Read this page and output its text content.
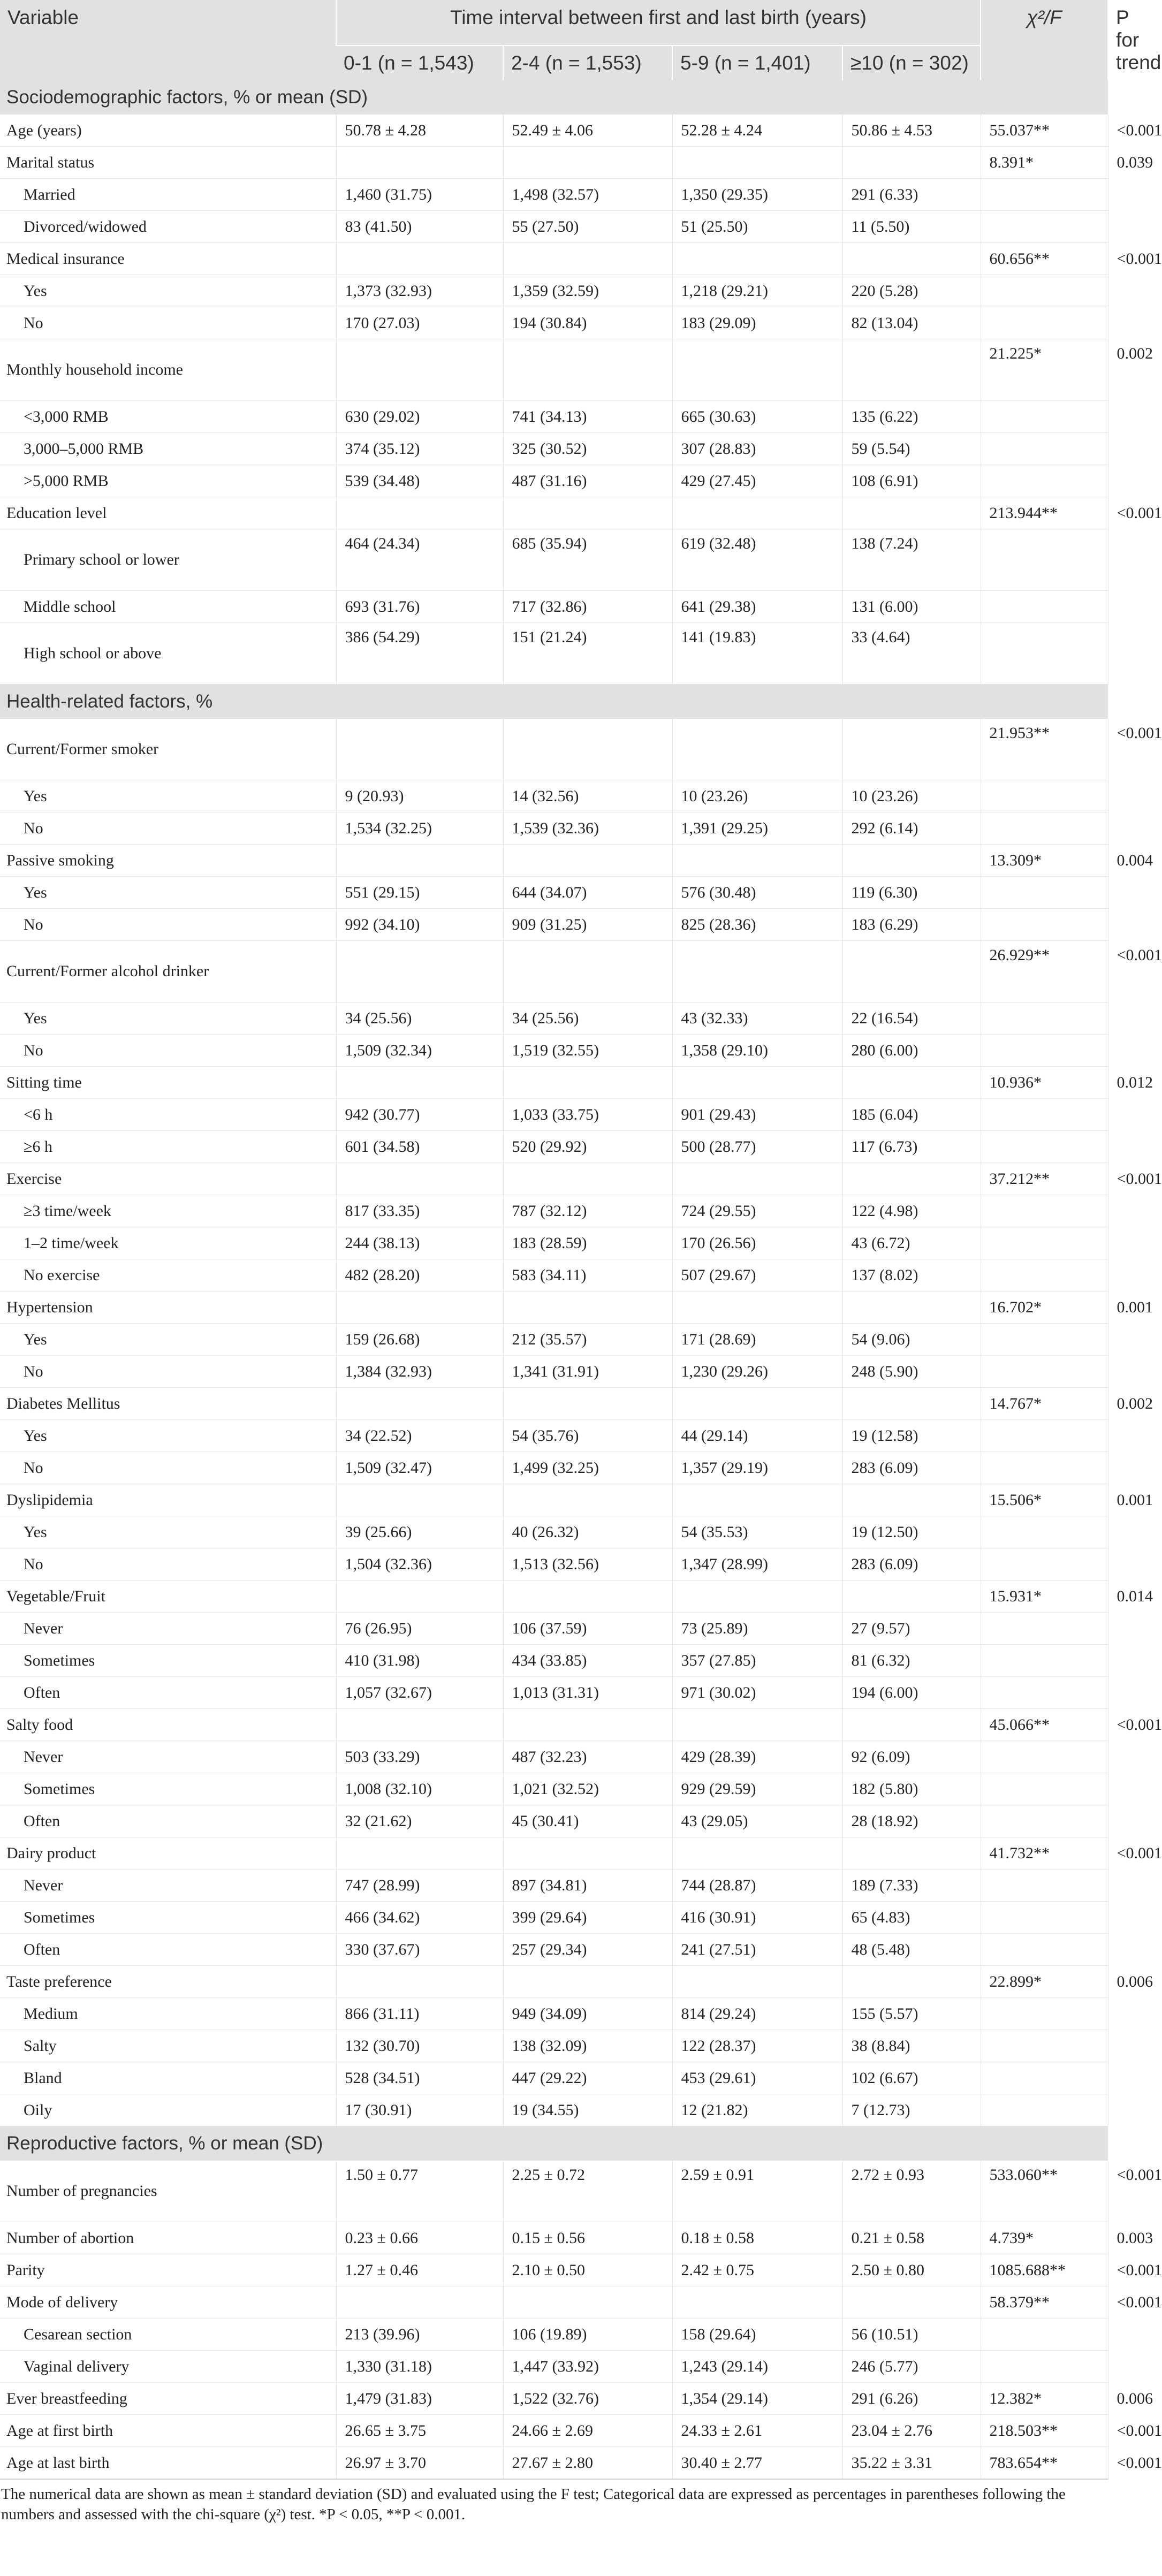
Variable	Time interval between first and last birth (years)				χ²/F	P for trend
	0-1 (n = 1,543)	2-4 (n = 1,553)	5-9 (n = 1,401)	≥10 (n = 302)		
Sociodemographic factors, % or mean (SD)						
Age (years)	50.78 ± 4.28	52.49 ± 4.06	52.28 ± 4.24	50.86 ± 4.53	55.037**	<0.001
Marital status					8.391*	0.039
Married	1,460 (31.75)	1,498 (32.57)	1,350 (29.35)	291 (6.33)		
Divorced/widowed	83 (41.50)	55 (27.50)	51 (25.50)	11 (5.50)		
Medical insurance					60.656**	<0.001
Yes	1,373 (32.93)	1,359 (32.59)	1,218 (29.21)	220 (5.28)		
No	170 (27.03)	194 (30.84)	183 (29.09)	82 (13.04)		
Monthly household income					21.225*	0.002
<3,000 RMB	630 (29.02)	741 (34.13)	665 (30.63)	135 (6.22)		
3,000–5,000 RMB	374 (35.12)	325 (30.52)	307 (28.83)	59 (5.54)		
>5,000 RMB	539 (34.48)	487 (31.16)	429 (27.45)	108 (6.91)		
Education level					213.944**	<0.001
Primary school or lower	464 (24.34)	685 (35.94)	619 (32.48)	138 (7.24)		
Middle school	693 (31.76)	717 (32.86)	641 (29.38)	131 (6.00)		
High school or above	386 (54.29)	151 (21.24)	141 (19.83)	33 (4.64)		
Health-related factors, %						
Current/Former smoker					21.953**	<0.001
Yes	9 (20.93)	14 (32.56)	10 (23.26)	10 (23.26)		
No	1,534 (32.25)	1,539 (32.36)	1,391 (29.25)	292 (6.14)		
Passive smoking					13.309*	0.004
Yes	551 (29.15)	644 (34.07)	576 (30.48)	119 (6.30)		
No	992 (34.10)	909 (31.25)	825 (28.36)	183 (6.29)		
Current/Former alcohol drinker					26.929**	<0.001
Yes	34 (25.56)	34 (25.56)	43 (32.33)	22 (16.54)		
No	1,509 (32.34)	1,519 (32.55)	1,358 (29.10)	280 (6.00)		
Sitting time					10.936*	0.012
<6 h	942 (30.77)	1,033 (33.75)	901 (29.43)	185 (6.04)		
≥6 h	601 (34.58)	520 (29.92)	500 (28.77)	117 (6.73)		
Exercise					37.212**	<0.001
≥3 time/week	817 (33.35)	787 (32.12)	724 (29.55)	122 (4.98)		
1–2 time/week	244 (38.13)	183 (28.59)	170 (26.56)	43 (6.72)		
No exercise	482 (28.20)	583 (34.11)	507 (29.67)	137 (8.02)		
Hypertension					16.702*	0.001
Yes	159 (26.68)	212 (35.57)	171 (28.69)	54 (9.06)		
No	1,384 (32.93)	1,341 (31.91)	1,230 (29.26)	248 (5.90)		
Diabetes Mellitus					14.767*	0.002
Yes	34 (22.52)	54 (35.76)	44 (29.14)	19 (12.58)		
No	1,509 (32.47)	1,499 (32.25)	1,357 (29.19)	283 (6.09)		
Dyslipidemia					15.506*	0.001
Yes	39 (25.66)	40 (26.32)	54 (35.53)	19 (12.50)		
No	1,504 (32.36)	1,513 (32.56)	1,347 (28.99)	283 (6.09)		
Vegetable/Fruit					15.931*	0.014
Never	76 (26.95)	106 (37.59)	73 (25.89)	27 (9.57)		
Sometimes	410 (31.98)	434 (33.85)	357 (27.85)	81 (6.32)		
Often	1,057 (32.67)	1,013 (31.31)	971 (30.02)	194 (6.00)		
Salty food					45.066**	<0.001
Never	503 (33.29)	487 (32.23)	429 (28.39)	92 (6.09)		
Sometimes	1,008 (32.10)	1,021 (32.52)	929 (29.59)	182 (5.80)		
Often	32 (21.62)	45 (30.41)	43 (29.05)	28 (18.92)		
Dairy product					41.732**	<0.001
Never	747 (28.99)	897 (34.81)	744 (28.87)	189 (7.33)		
Sometimes	466 (34.62)	399 (29.64)	416 (30.91)	65 (4.83)		
Often	330 (37.67)	257 (29.34)	241 (27.51)	48 (5.48)		
Taste preference					22.899*	0.006
Medium	866 (31.11)	949 (34.09)	814 (29.24)	155 (5.57)		
Salty	132 (30.70)	138 (32.09)	122 (28.37)	38 (8.84)		
Bland	528 (34.51)	447 (29.22)	453 (29.61)	102 (6.67)		
Oily	17 (30.91)	19 (34.55)	12 (21.82)	7 (12.73)		
Reproductive factors, % or mean (SD)						
Number of pregnancies	1.50 ± 0.77	2.25 ± 0.72	2.59 ± 0.91	2.72 ± 0.93	533.060**	<0.001
Number of abortion	0.23 ± 0.66	0.15 ± 0.56	0.18 ± 0.58	0.21 ± 0.58	4.739*	0.003
Parity	1.27 ± 0.46	2.10 ± 0.50	2.42 ± 0.75	2.50 ± 0.80	1085.688**	<0.001
Mode of delivery					58.379**	<0.001
Cesarean section	213 (39.96)	106 (19.89)	158 (29.64)	56 (10.51)		
Vaginal delivery	1,330 (31.18)	1,447 (33.92)	1,243 (29.14)	246 (5.77)		
Ever breastfeeding	1,479 (31.83)	1,522 (32.76)	1,354 (29.14)	291 (6.26)	12.382*	0.006
Age at first birth	26.65 ± 3.75	24.66 ± 2.69	24.33 ± 2.61	23.04 ± 2.76	218.503**	<0.001
Age at last birth	26.97 ± 3.70	27.67 ± 2.80	30.40 ± 2.77	35.22 ± 3.31	783.654**	<0.001
The numerical data are shown as mean ± standard deviation (SD) and evaluated using the F test; Categorical data are expressed as percentages in parentheses following the numbers and assessed with the chi-square (χ²) test. *P < 0.05, **P < 0.001.
